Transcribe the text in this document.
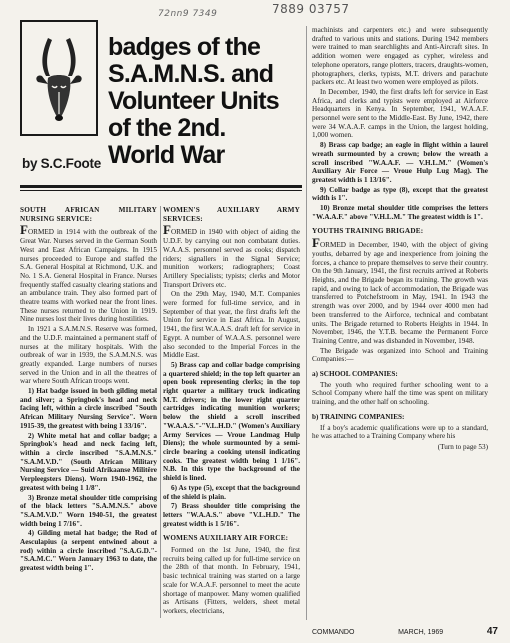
72nn9 7349	7889 03757
by S.C.Foote
badges of the
S.A.M.N.S. and
Volunteer Units
of the 2nd.
World War

SOUTH AFRICAN MILITARY NURSING SERVICE:

FORMED in 1914 with the outbreak of the Great War. Nurses served in the German South West and East African Campaigns. In 1915 nurses proceeded to Europe and staffed the S.A. General Hospital at Richmond, U.K. and No. 1 S.A. General Hospital in France. Nurses frequently staffed casualty clearing stations and an ambulance train. They also formed part of theatre teams with worked near the front lines. These nurses returned to the Union in 1919. Nine nurses lost their lives during hostilities.

In 1921 a S.A.M.N.S. Reserve was formed, and the U.D.F. maintained a permanent staff of nurses at the military hospitals. With the outbreak of war in 1939, the S.A.M.N.S. was greatly expanded. Large numbers of nurses served in the Union and in all the theatres of war where South African troops went.

1) Hat badge issued in both gilding metal and silver; a Springbok's head and neck facing left, within a circle inscribed "South African Military Nursing Service". Worn 1915-39, the greatest with being 1 33/16".

2) White metal hat and collar badge; a Springbok's head and neck facing left, within a circle inscribed "S.A.M.N.S." "S.A.M.V.D." (South African Military Nursing Service — Suid Afrikaanse Militêre Verpleegsters Diens). Worn 1940-1962, the greatest with being 1 1/8".

3) Bronze metal shoulder title comprising of the black letters "S.A.M.N.S." above "S.A.M.V.D." Worn 1940-51, the greatest width being 1 7/16".

4) Gilding metal hat badge; the Rod of Aesculapius (a serpent entwined about a rod) within a circle inscribed "S.A.G.D."-"S.A.M.C." Worn January 1963 to date, the greatest width being 1".

WOMEN'S AUXILIARY ARMY SERVICES:

FORMED in 1940 with object of aiding the U.D.F. by carrying out non combatant duties. W.A.A.S. personnel served as cooks; dispatch riders; signallers in the Signal Service; munition workers; radiographers; Coast Artillery Specialists; typists; clerks and Motor Transport Drivers etc.

On the 29th May, 1940, M.T. Companies were formed for full-time service, and in September of that year, the first drafts left the Union for service in East Africa. In August, 1941, the first W.A.A.S. draft left for service in Egypt. A number of W.A.A.S. personnel were also seconded to the Imperial Forces in the Middle East.

5) Brass cap and collar badge comprising a quartered shield; in the top left quarter an open book representing clerks; in the top right quarter a military truck indicating M.T. drivers; in the lower right quarter cartridges indicating munition workers; below the shield a scroll inscribed "W.A.A.S."-"V.L.H.D." (Women's Auxiliary Army Services — Vroue Landmag Hulp Diens); the whole surmounted by a semi-circle bearing a cooking utensil indicating cooks. The greatest width being 1 1/16". N.B. In this type the background of the shield is lined.

6) As type (5), except that the background of the shield is plain.

7) Brass shoulder title comprising the letters "W.A.A.S." above "V.L.H.D." The greatest width is 1 5/16".

WOMENS AUXILIARY AIR FORCE:

Formed on the 1st June, 1940, the first recruits being called up for full-time service on the 28th of that month. In February, 1941, basic technical training was started on a large scale for W.A.A.F. personnel to meet the acute shortage of manpower. Many women qualified as Artisans (Fitters, welders, sheet metal workers, electricians,

machinists and carpenters etc.) and were subsequently drafted to various units and stations. During 1942 members were trained to man searchlights and Anti-Aircraft sites. In addition women were engaged as cypher, wireless and telephone operators, range plotters, tracers, draughts-women, photographers, clerks, typists, M.T. drivers and parachute packers etc. At least two women were employed as pilots.

In December, 1940, the first drafts left for service in East Africa, and clerks and typists were employed at Airforce Headquarters in Kenya. In September, 1941, W.A.A.F. personnel were sent to the Middle-East. By June, 1942, there were 34 W.A.A.F. camps in the Union, the largest holding, 1,000 women.

8) Brass cap badge; an eagle in flight within a laurel wreath surmounted by a crown; below the wreath a scroll inscribed "W.A.A.F. — V.H.L.M." (Women's Auxiliary Air Force — Vroue Hulp Lug Mag). The greatest width is 1 13/16".

9) Collar badge as type (8), except that the greatest width is 1".

10) Bronze metal shoulder title comprises the letters "W.A.A.F." above "V.H.L.M." The greatest width is 1".

YOUTHS TRAINING BRIGADE:

FORMED in December, 1940, with the object of giving youths, debarred by age and inexperience from joining the forces, a chance to prepare themselves to serve their country. On the 9th January, 1941, the first recruits arrived at Roberts Heights, and the Brigade began its training. The growth was rapid, and owing to lack of accommodation, the Brigade was transferred to Potchefstroom in May, 1941. In 1943 the strength was over 2000, and by 1944 over 4000 men had been transferred to the Airforce, technical and combatant units. The Brigade returned to Roberts Heights in 1944. In November, 1946, the Y.T.B. became the Permanent Force Training Centre, and was disbanded in November, 1948.

The Brigade was organized into School and Training Companies:—

a) SCHOOL COMPANIES:

The youth who required further schooling went to a School Company where half the time was spent on military training, and the other half on schooling.

b) TRAINING COMPANIES:

If a boy's academic qualifications were up to a standard, he was attached to a Training Company where his

(Turn to page 53)

COMMANDO	MARCH, 1969	47
